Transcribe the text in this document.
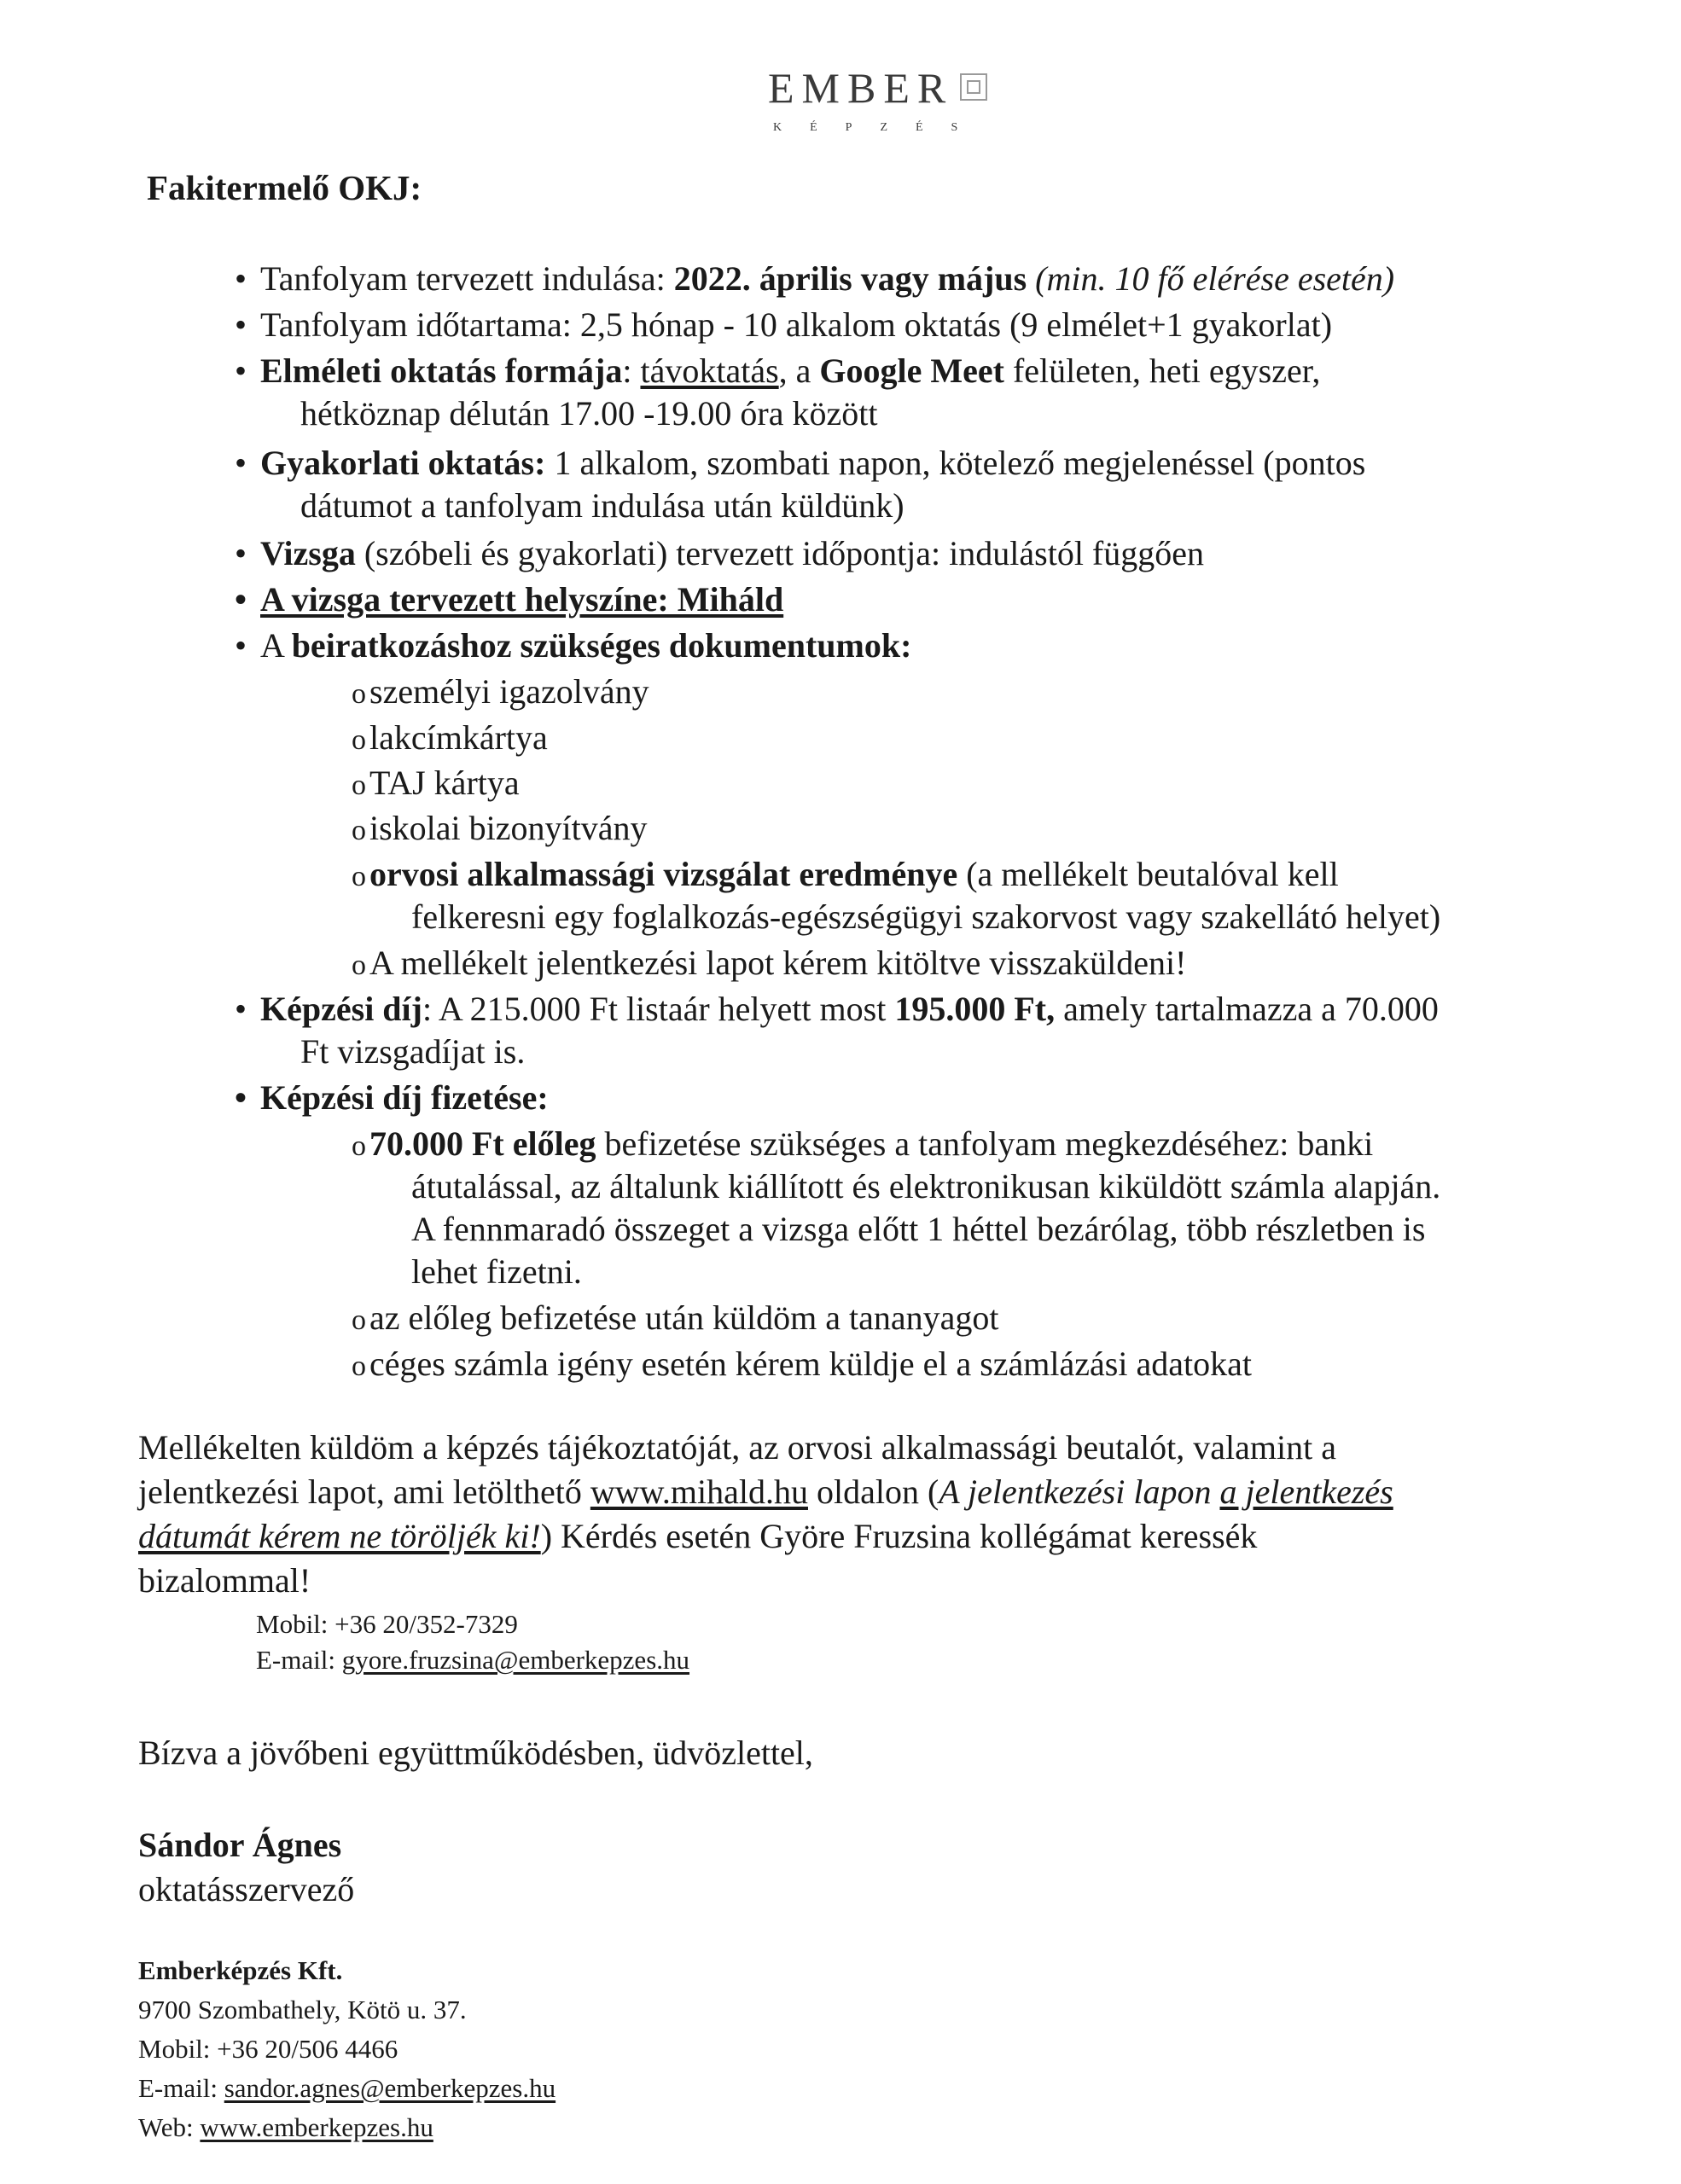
EMBER
KÉPZÉS
Fakitermelő OKJ:
• Tanfolyam tervezett indulása: 2022. április vagy május (min. 10 fő elérése esetén)
• Tanfolyam időtartama: 2,5 hónap - 10 alkalom oktatás (9 elmélet+1 gyakorlat)
• Elméleti oktatás formája: távoktatás, a Google Meet felületen, heti egyszer,
hétköznap délután 17.00 -19.00 óra között
• Gyakorlati oktatás: 1 alkalom, szombati napon, kötelező megjelenéssel (pontos
dátumot a tanfolyam indulása után küldünk)
• Vizsga (szóbeli és gyakorlati) tervezett időpontja: indulástól függően
• A vizsga tervezett helyszíne: Miháld
• A beiratkozáshoz szükséges dokumentumok:
o személyi igazolvány
o lakcímkártya
o TAJ kártya
o iskolai bizonyítvány
o orvosi alkalmassági vizsgálat eredménye (a mellékelt beutalóval kell
felkeresni egy foglalkozás-egészségügyi szakorvost vagy szakellátó helyet)
o A mellékelt jelentkezési lapot kérem kitöltve visszaküldeni!
• Képzési díj: A 215.000 Ft listaár helyett most 195.000 Ft, amely tartalmazza a 70.000
Ft vizsgadíjat is.
• Képzési díj fizetése:
o 70.000 Ft előleg befizetése szükséges a tanfolyam megkezdéséhez: banki
átutalással, az általunk kiállított és elektronikusan kiküldött számla alapján.
A fennmaradó összeget a vizsga előtt 1 héttel bezárólag, több részletben is
lehet fizetni.
o az előleg befizetése után küldöm a tananyagot
o céges számla igény esetén kérem küldje el a számlázási adatokat
Mellékelten küldöm a képzés tájékoztatóját, az orvosi alkalmassági beutalót, valamint a
jelentkezési lapot, ami letölthető www.mihald.hu oldalon (A jelentkezési lapon a jelentkezés
dátumát kérem ne töröljék ki!) Kérdés esetén Györe Fruzsina kollégámat keressék
bizalommal!
Mobil: +36 20/352-7329
E-mail: gyore.fruzsina@emberkepzes.hu
Bízva a jövőbeni együttműködésben, üdvözlettel,
Sándor Ágnes
oktatásszervező
Emberképzés Kft.
9700 Szombathely, Kötö u. 37.
Mobil: +36 20/506 4466
E-mail: sandor.agnes@emberkepzes.hu
Web: www.emberkepzes.hu
